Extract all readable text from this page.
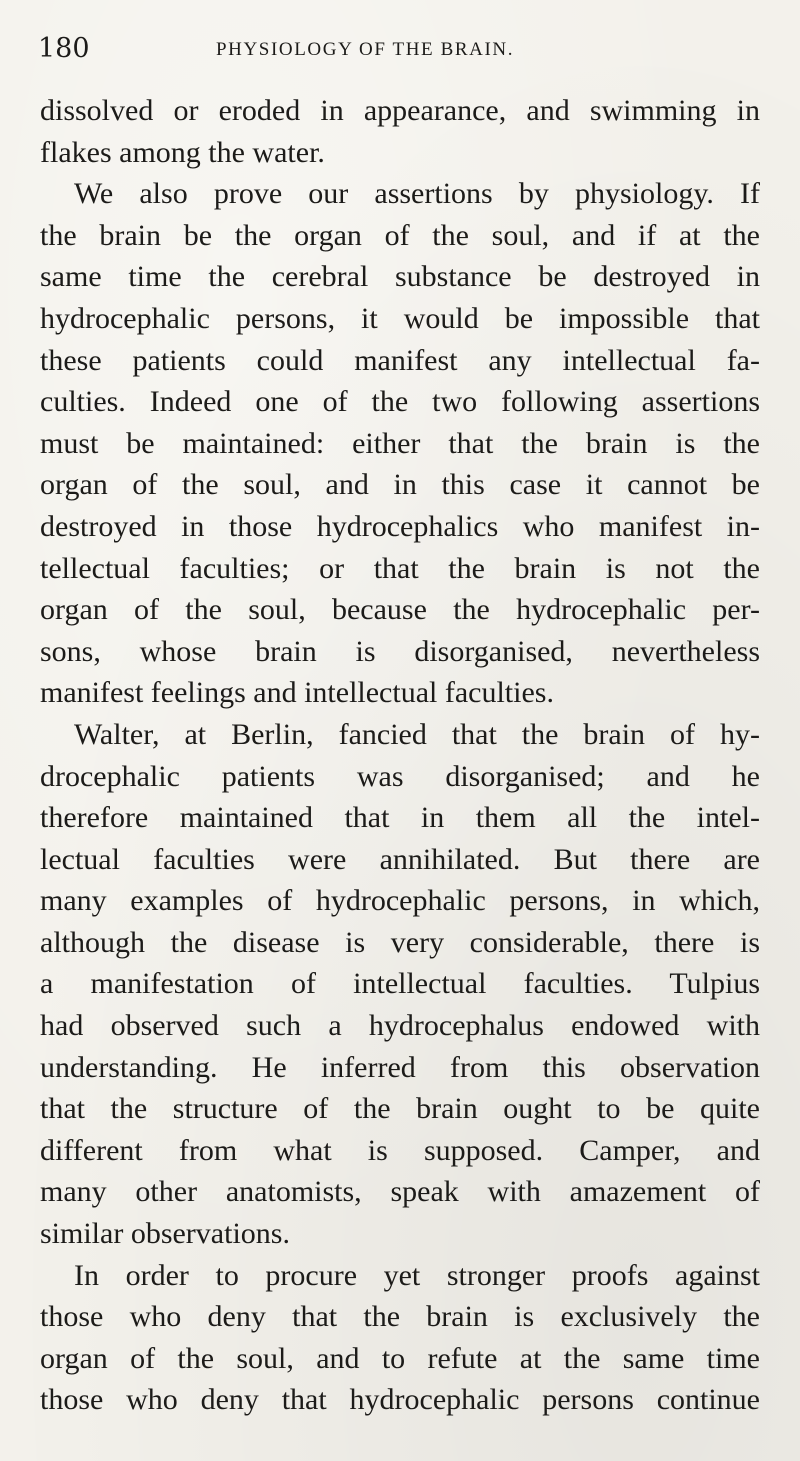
180	PHYSIOLOGY OF THE BRAIN.
dissolved or eroded in appearance, and swimming in
flakes among the water.
We also prove our assertions by physiology. If
the brain be the organ of the soul, and if at the
same time the cerebral substance be destroyed in
hydrocephalic persons, it would be impossible that
these patients could manifest any intellectual fa-
culties. Indeed one of the two following assertions
must be maintained: either that the brain is the
organ of the soul, and in this case it cannot be
destroyed in those hydrocephalics who manifest in-
tellectual faculties; or that the brain is not the
organ of the soul, because the hydrocephalic per-
sons, whose brain is disorganised, nevertheless
manifest feelings and intellectual faculties.
Walter, at Berlin, fancied that the brain of hy-
drocephalic patients was disorganised; and he
therefore maintained that in them all the intel-
lectual faculties were annihilated. But there are
many examples of hydrocephalic persons, in which,
although the disease is very considerable, there is
a manifestation of intellectual faculties. Tulpius
had observed such a hydrocephalus endowed with
understanding. He inferred from this observation
that the structure of the brain ought to be quite
different from what is supposed. Camper, and
many other anatomists, speak with amazement of
similar observations.
In order to procure yet stronger proofs against
those who deny that the brain is exclusively the
organ of the soul, and to refute at the same time
those who deny that hydrocephalic persons continue
